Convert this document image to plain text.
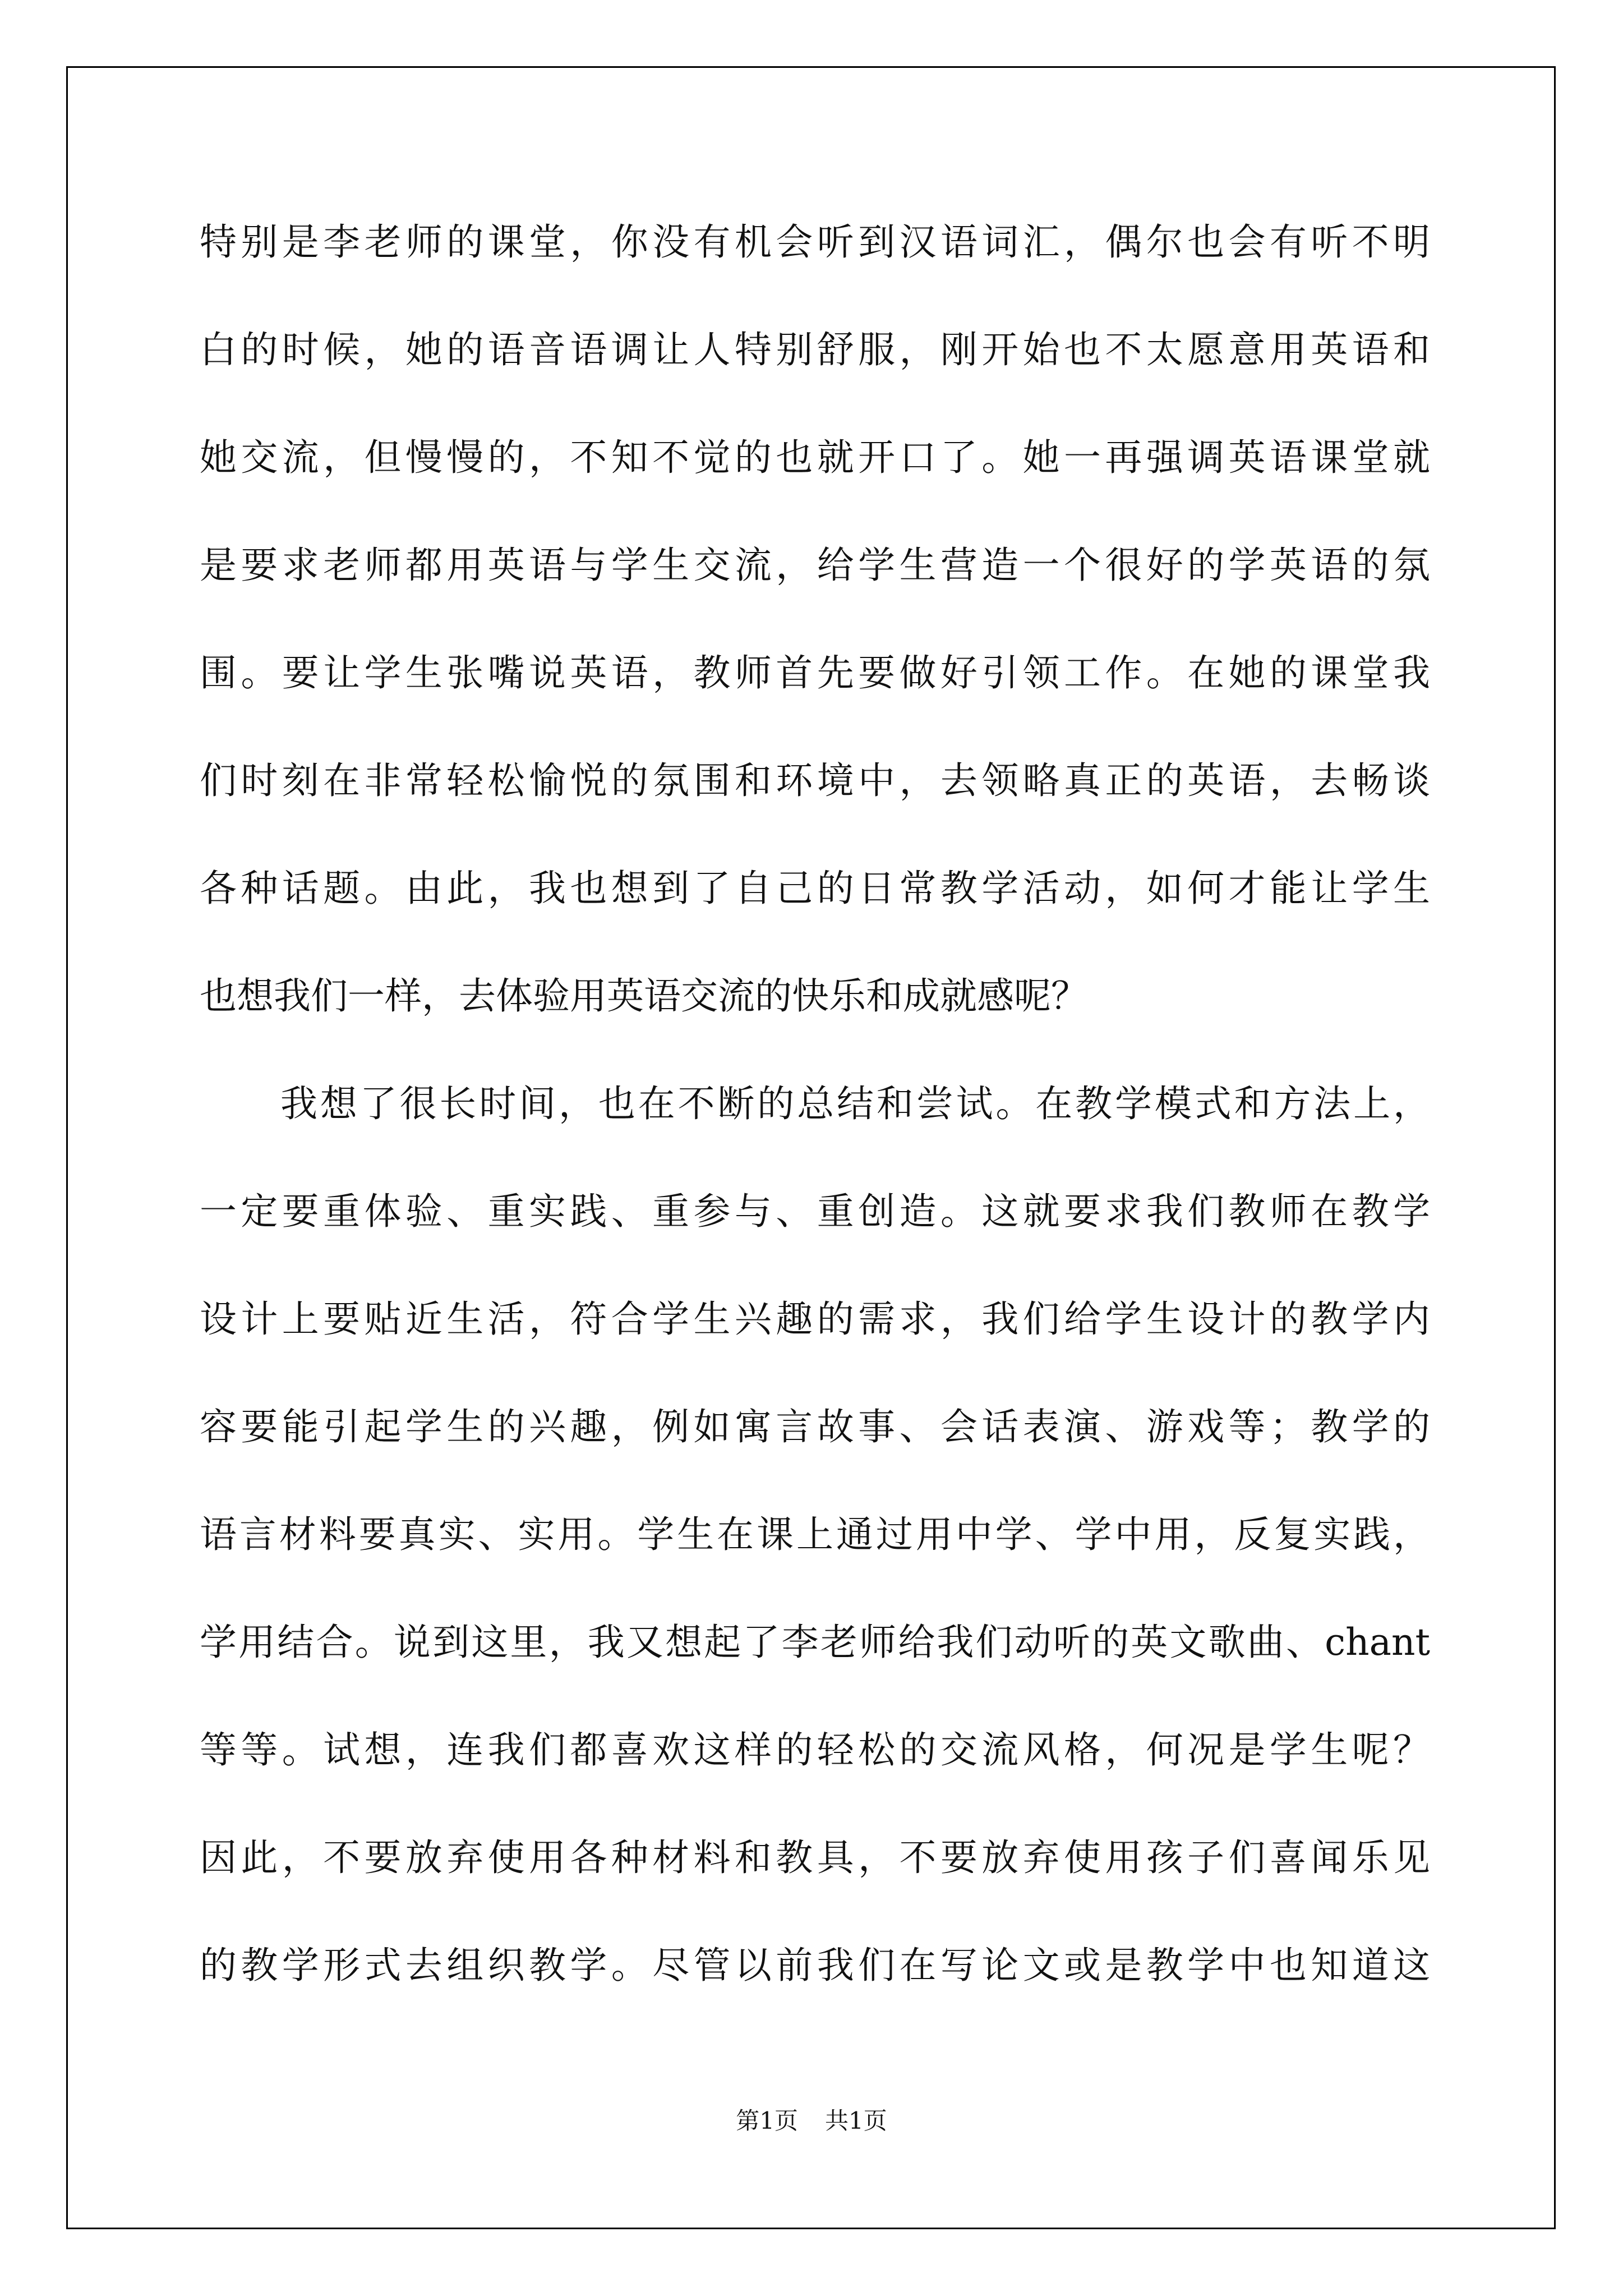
特别是李老师的课堂，你没有机会听到汉语词汇，偶尔也会有听不明
白的时候，她的语音语调让人特别舒服，刚开始也不太愿意用英语和
她交流，但慢慢的，不知不觉的也就开口了。她一再强调英语课堂就
是要求老师都用英语与学生交流，给学生营造一个很好的学英语的氛
围。要让学生张嘴说英语，教师首先要做好引领工作。在她的课堂我
们时刻在非常轻松愉悦的氛围和环境中，去领略真正的英语，去畅谈
各种话题。由此，我也想到了自己的日常教学活动，如何才能让学生
也想我们一样，去体验用英语交流的快乐和成就感呢？
我想了很长时间，也在不断的总结和尝试。在教学模式和方法上，
一定要重体验、重实践、重参与、重创造。这就要求我们教师在教学
设计上要贴近生活，符合学生兴趣的需求，我们给学生设计的教学内
容要能引起学生的兴趣，例如寓言故事、会话表演、游戏等；教学的
语言材料要真实、实用。学生在课上通过用中学、学中用，反复实践，
学用结合。说到这里，我又想起了李老师给我们动听的英文歌曲、chant
等等。试想，连我们都喜欢这样的轻松的交流风格，何况是学生呢？
因此，不要放弃使用各种材料和教具，不要放弃使用孩子们喜闻乐见
的教学形式去组织教学。尽管以前我们在写论文或是教学中也知道这
第1页 共1页
